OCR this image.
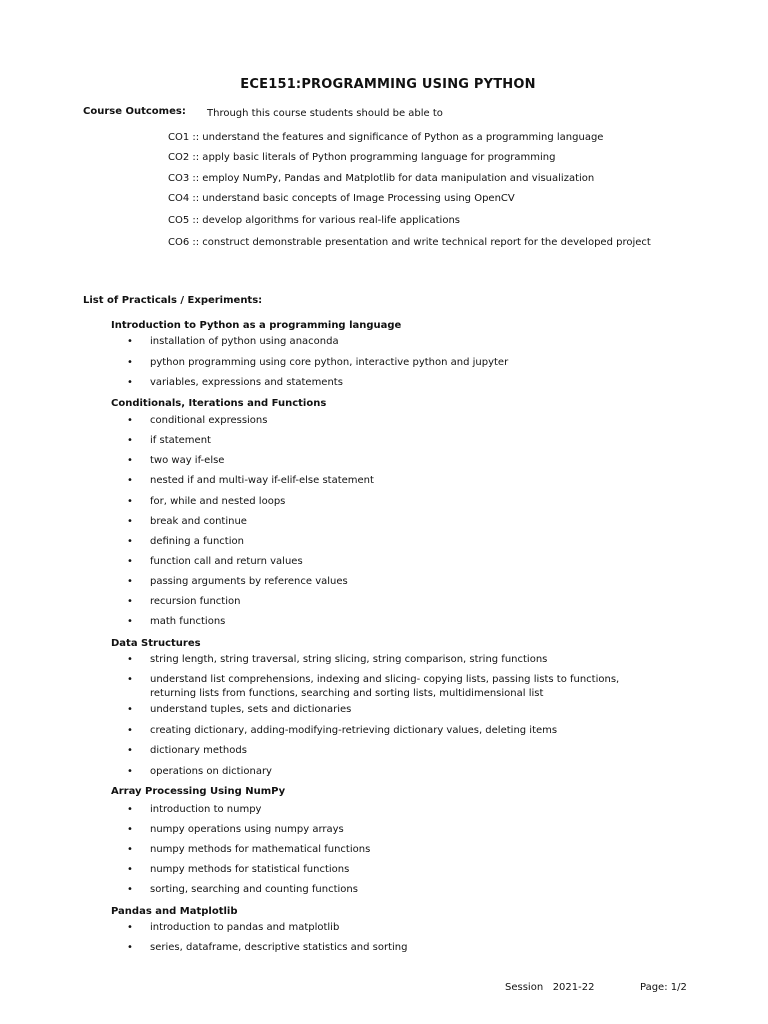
ECE151:PROGRAMMING USING PYTHON
Course Outcomes: Through this course students should be able to
CO1 :: understand the features and significance of Python as a programming language
CO2 :: apply basic literals of Python programming language for programming
CO3 :: employ NumPy, Pandas and Matplotlib for data manipulation and visualization
CO4 :: understand basic concepts of Image Processing using OpenCV
CO5 :: develop algorithms for various real-life applications
CO6 :: construct demonstrable presentation and write technical report for the developed project
List of Practicals / Experiments:
Introduction to Python as a programming language
• installation of python using anaconda
• python programming using core python, interactive python and jupyter
• variables, expressions and statements
Conditionals, Iterations and Functions
• conditional expressions
• if statement
• two way if-else
• nested if and multi-way if-elif-else statement
• for, while and nested loops
• break and continue
• defining a function
• function call and return values
• passing arguments by reference values
• recursion function
• math functions
Data Structures
• string length, string traversal, string slicing, string comparison, string functions
• understand list comprehensions, indexing and slicing- copying lists, passing lists to functions,
returning lists from functions, searching and sorting lists, multidimensional list
• understand tuples, sets and dictionaries
• creating dictionary, adding-modifying-retrieving dictionary values, deleting items
• dictionary methods
• operations on dictionary
Array Processing Using NumPy
• introduction to numpy
• numpy operations using numpy arrays
• numpy methods for mathematical functions
• numpy methods for statistical functions
• sorting, searching and counting functions
Pandas and Matplotlib
• introduction to pandas and matplotlib
• series, dataframe, descriptive statistics and sorting
Session   2021-22	Page: 1/2
